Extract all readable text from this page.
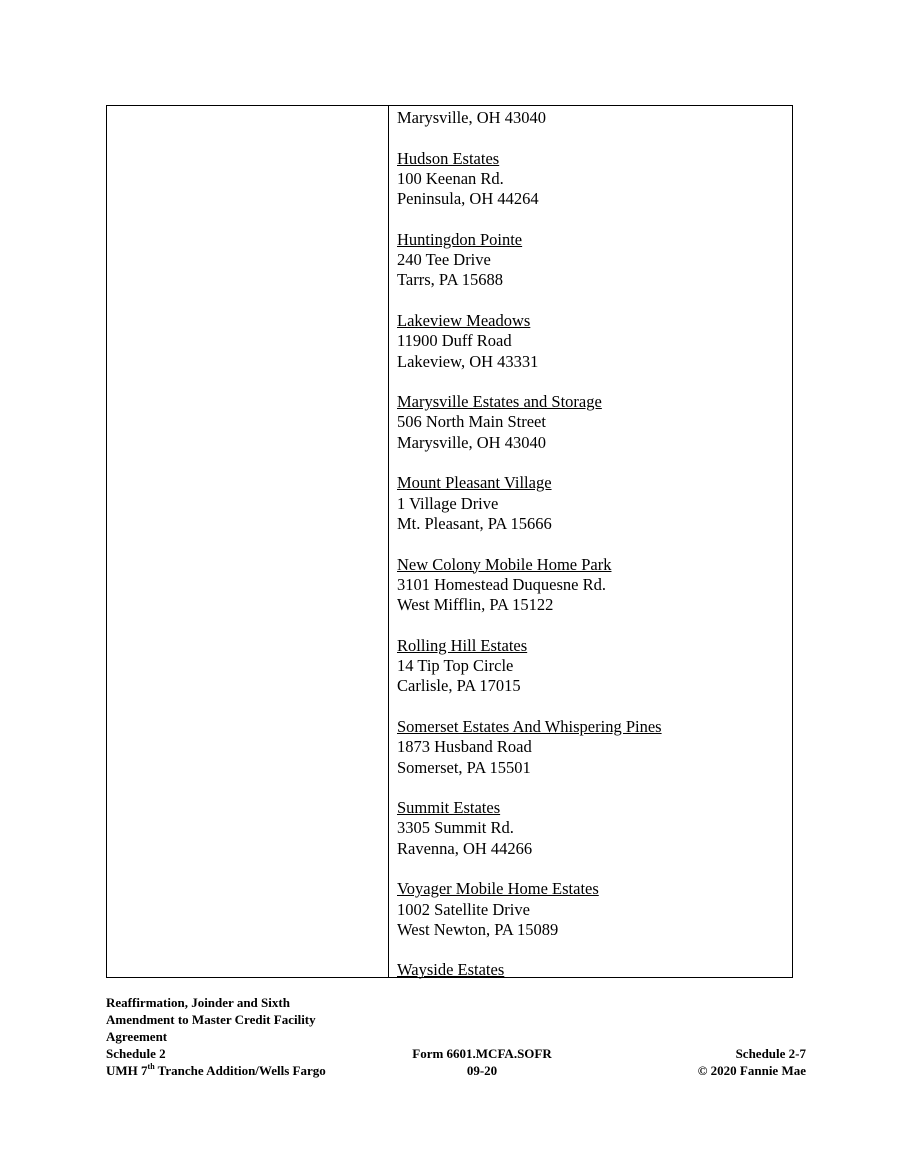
Marysville, OH 43040
Hudson Estates
100 Keenan Rd.
Peninsula, OH 44264
Huntingdon Pointe
240 Tee Drive
Tarrs, PA 15688
Lakeview Meadows
11900 Duff Road
Lakeview, OH 43331
Marysville Estates and Storage
506 North Main Street
Marysville, OH 43040
Mount Pleasant Village
1 Village Drive
Mt. Pleasant, PA 15666
New Colony Mobile Home Park
3101 Homestead Duquesne Rd.
West Mifflin, PA 15122
Rolling Hill Estates
14 Tip Top Circle
Carlisle, PA 17015
Somerset Estates And Whispering Pines
1873 Husband Road
Somerset, PA 15501
Summit Estates
3305 Summit Rd.
Ravenna, OH 44266
Voyager Mobile Home Estates
1002 Satellite Drive
West Newton, PA 15089
Wayside Estates
Reaffirmation, Joinder and Sixth
Amendment to Master Credit Facility
Agreement
Schedule 2
UMH 7th Tranche Addition/Wells Fargo
Form 6601.MCFA.SOFR
09-20
Schedule 2-7
© 2020 Fannie Mae
